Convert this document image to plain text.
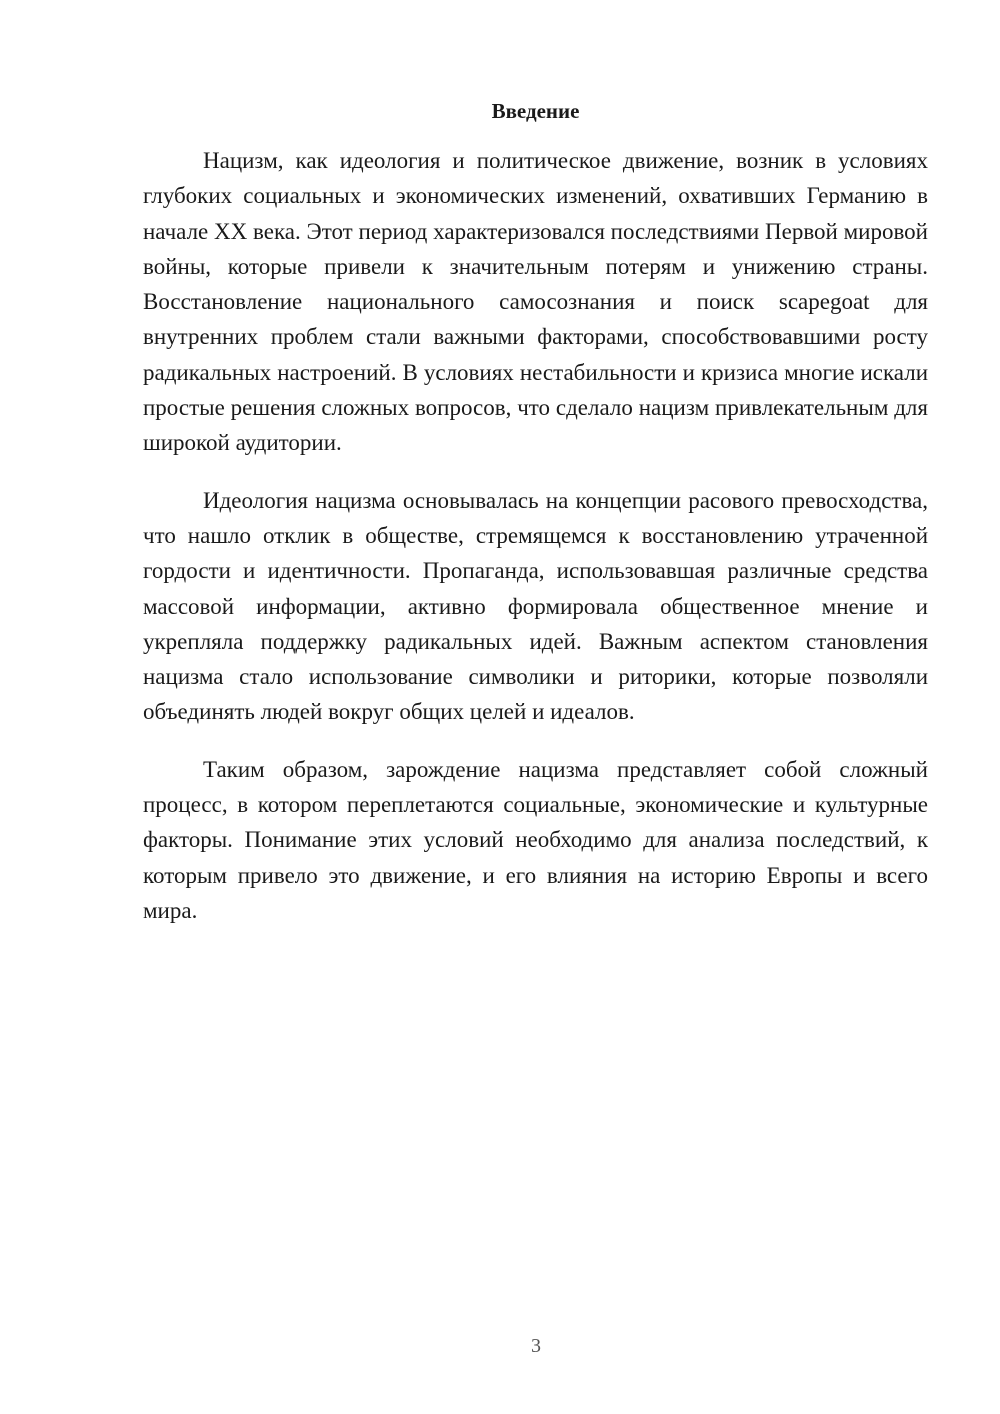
Введение

Нацизм, как идеология и политическое движение, возник в условиях глубоких социальных и экономических изменений, охвативших Германию в начале XX века. Этот период характеризовался последствиями Первой мировой войны, которые привели к значительным потерям и унижению страны. Восстановление национального самосознания и поиск scapegoat для внутренних проблем стали важными факторами, способствовавшими росту радикальных настроений. В условиях нестабильности и кризиса многие искали простые решения сложных вопросов, что сделало нацизм привлекательным для широкой аудитории.

Идеология нацизма основывалась на концепции расового превосходства, что нашло отклик в обществе, стремящемся к восстановлению утраченной гордости и идентичности. Пропаганда, использовавшая различные средства массовой информации, активно формировала общественное мнение и укрепляла поддержку радикальных идей. Важным аспектом становления нацизма стало использование символики и риторики, которые позволяли объединять людей вокруг общих целей и идеалов.

Таким образом, зарождение нацизма представляет собой сложный процесс, в котором переплетаются социальные, экономические и культурные факторы. Понимание этих условий необходимо для анализа последствий, к которым привело это движение, и его влияния на историю Европы и всего мира.

3
